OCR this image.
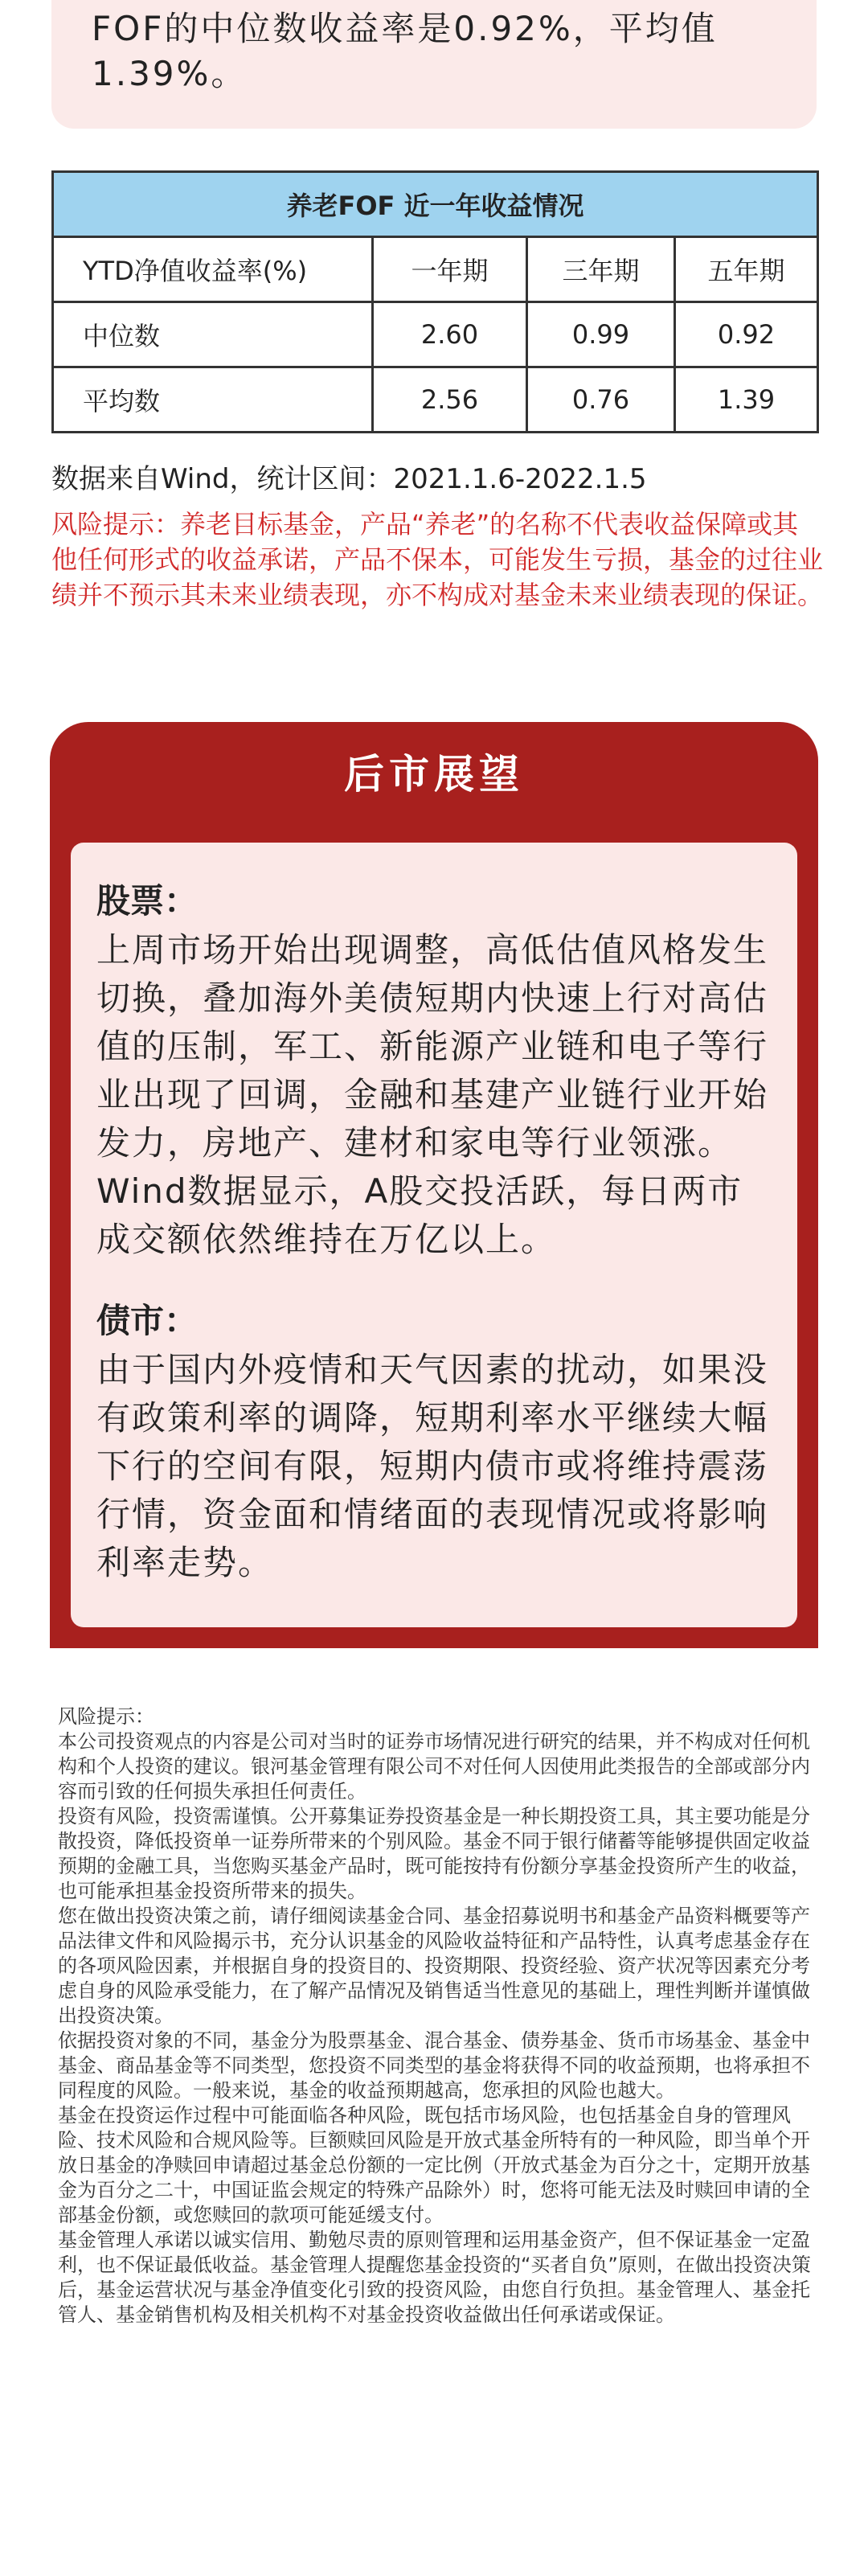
FOF的中位数收益率是0.92%，平均值1.39%。

养老FOF 近一年收益情况			
YTD净值收益率(%)	一年期	三年期	五年期
中位数	2.60	0.99	0.92
平均数	2.56	0.76	1.39

数据来自Wind，统计区间：2021.1.6-2022.1.5

风险提示：养老目标基金，产品“养老”的名称不代表收益保障或其他任何形式的收益承诺，产品不保本，可能发生亏损，基金的过往业绩并不预示其未来业绩表现，亦不构成对基金未来业绩表现的保证。

后市展望

股票：

上周市场开始出现调整，高低估值风格发生切换，叠加海外美债短期内快速上行对高估值的压制，军工、新能源产业链和电子等行业出现了回调，金融和基建产业链行业开始发力，房地产、建材和家电等行业领涨。Wind数据显示，A股交投活跃，每日两市成交额依然维持在万亿以上。

债市：

由于国内外疫情和天气因素的扰动，如果没有政策利率的调降，短期利率水平继续大幅下行的空间有限，短期内债市或将维持震荡行情，资金面和情绪面的表现情况或将影响利率走势。

风险提示：

本公司投资观点的内容是公司对当时的证券市场情况进行研究的结果，并不构成对任何机构和个人投资的建议。银河基金管理有限公司不对任何人因使用此类报告的全部或部分内容而引致的任何损失承担任何责任。

投资有风险，投资需谨慎。公开募集证券投资基金是一种长期投资工具，其主要功能是分散投资，降低投资单一证券所带来的个别风险。基金不同于银行储蓄等能够提供固定收益预期的金融工具，当您购买基金产品时，既可能按持有份额分享基金投资所产生的收益，也可能承担基金投资所带来的损失。

您在做出投资决策之前，请仔细阅读基金合同、基金招募说明书和基金产品资料概要等产品法律文件和风险揭示书，充分认识基金的风险收益特征和产品特性，认真考虑基金存在的各项风险因素，并根据自身的投资目的、投资期限、投资经验、资产状况等因素充分考虑自身的风险承受能力，在了解产品情况及销售适当性意见的基础上，理性判断并谨慎做出投资决策。

依据投资对象的不同，基金分为股票基金、混合基金、债券基金、货币市场基金、基金中基金、商品基金等不同类型，您投资不同类型的基金将获得不同的收益预期，也将承担不同程度的风险。一般来说，基金的收益预期越高，您承担的风险也越大。

基金在投资运作过程中可能面临各种风险，既包括市场风险，也包括基金自身的管理风险、技术风险和合规风险等。巨额赎回风险是开放式基金所特有的一种风险，即当单个开放日基金的净赎回申请超过基金总份额的一定比例（开放式基金为百分之十，定期开放基金为百分之二十，中国证监会规定的特殊产品除外）时，您将可能无法及时赎回申请的全部基金份额，或您赎回的款项可能延缓支付。

基金管理人承诺以诚实信用、勤勉尽责的原则管理和运用基金资产，但不保证基金一定盈利，也不保证最低收益。基金管理人提醒您基金投资的“买者自负”原则，在做出投资决策后，基金运营状况与基金净值变化引致的投资风险，由您自行负担。基金管理人、基金托管人、基金销售机构及相关机构不对基金投资收益做出任何承诺或保证。
